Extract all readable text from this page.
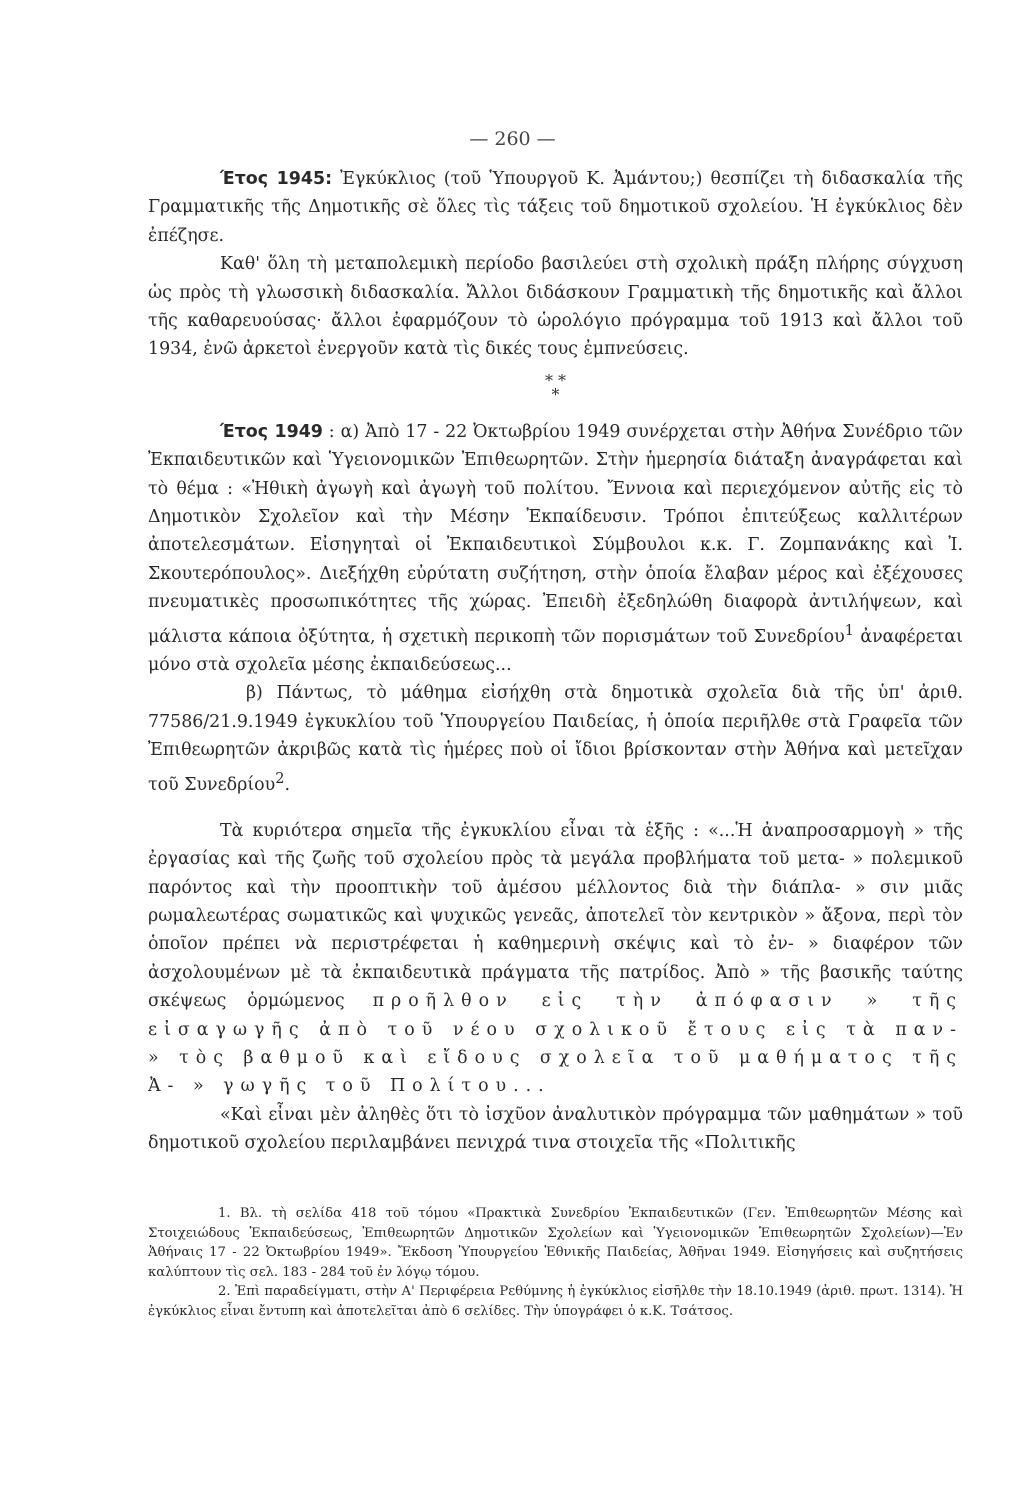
— 260 —

Έτος 1945: Ἐγκύκλιος (τοῦ Ὑπουργοῦ Κ. Ἀμάντου;) θεσπίζει τὴ διδασκαλία τῆς Γραμματικῆς τῆς Δημοτικῆς σὲ ὅλες τὶς τάξεις τοῦ δημοτικοῦ σχολείου. Ἡ ἐγκύκλιος δὲν ἐπέζησε.

Καθ' ὅλη τὴ μεταπολεμικὴ περίοδο βασιλεύει στὴ σχολικὴ πράξη πλήρης σύγχυση ὡς πρὸς τὴ γλωσσικὴ διδασκαλία. Ἄλλοι διδάσκουν Γραμματικὴ τῆς δημοτικῆς καὶ ἄλλοι τῆς καθαρευούσας· ἄλλοι ἐφαρμόζουν τὸ ὡρολόγιο πρόγραμμα τοῦ 1913 καὶ ἄλλοι τοῦ 1934, ἐνῶ ἀρκετοὶ ἐνεργοῦν κατὰ τὶς δικές τους ἐμπνεύσεις.

* *
*

Έτος 1949 : α) Ἀπὸ 17 - 22 Ὀκτωβρίου 1949 συνέρχεται στὴν Ἀθήνα Συνέδριο τῶν Ἐκπαιδευτικῶν καὶ Ὑγειονομικῶν Ἐπιθεωρητῶν. Στὴν ἡμερησία διάταξη ἀναγράφεται καὶ τὸ θέμα : «Ἠθικὴ ἀγωγὴ καὶ ἀγωγὴ τοῦ πολίτου. Ἔννοια καὶ περιεχόμενον αὐτῆς εἰς τὸ Δημοτικὸν Σχολεῖον καὶ τὴν Μέσην Ἐκπαίδευσιν. Τρόποι ἐπιτεύξεως καλλιτέρων ἀποτελεσμάτων. Εἰσηγηταὶ οἱ Ἐκπαιδευτικοὶ Σύμβουλοι κ.κ. Γ. Ζομπανάκης καὶ Ἰ. Σκουτερόπουλος». Διεξήχθη εὐρύτατη συζήτηση, στὴν ὁποία ἔλαβαν μέρος καὶ ἐξέχουσες πνευματικὲς προσωπικότητες τῆς χώρας. Ἐπειδὴ ἐξεδηλώθη διαφορὰ ἀντιλήψεων, καὶ μάλιστα κάποια ὀξύτητα, ἡ σχετικὴ περικοπὴ τῶν πορισμάτων τοῦ Συνεδρίου$^1$ ἀναφέρεται μόνο στὰ σχολεῖα μέσης ἐκπαιδεύσεως...

β) Πάντως, τὸ μάθημα εἰσήχθη στὰ δημοτικὰ σχολεῖα διὰ τῆς ὑπ' ἀριθ. 77586/21.9.1949 ἐγκυκλίου τοῦ Ὑπουργείου Παιδείας, ἡ ὁποία περιῆλθε στὰ Γραφεῖα τῶν Ἐπιθεωρητῶν ἀκριβῶς κατὰ τὶς ἡμέρες ποὺ οἱ ἴδιοι βρίσκονταν στὴν Ἀθήνα καὶ μετεῖχαν τοῦ Συνεδρίου$^2$.

Τὰ κυριότερα σημεῖα τῆς ἐγκυκλίου εἶναι τὰ ἑξῆς : «...Ἡ ἀναπροσαρμογὴ » τῆς ἐργασίας καὶ τῆς ζωῆς τοῦ σχολείου πρὸς τὰ μεγάλα προβλήματα τοῦ μετα- » πολεμικοῦ παρόντος καὶ τὴν προοπτικὴν τοῦ ἀμέσου μέλλοντος διὰ τὴν διάπλα- » σιν μιᾶς ρωμαλεωτέρας σωματικῶς καὶ ψυχικῶς γενεᾶς, ἀποτελεῖ τὸν κεντρικὸν » ἄξονα, περὶ τὸν ὁποῖον πρέπει νὰ περιστρέφεται ἡ καθημερινὴ σκέψις καὶ τὸ ἐν- » διαφέρον τῶν ἀσχολουμένων μὲ τὰ ἐκπαιδευτικὰ πράγματα τῆς πατρίδος. Ἀπὸ » τῆς βασικῆς ταύτης σκέψεως ὁρμώμενος προῆλθον εἰς τὴν ἀπόφασιν » τῆς εἰσαγωγῆς ἀπὸ τοῦ νέου σχολικοῦ ἔτους εἰς τὰ παν- » τὸς βαθμοῦ καὶ εἴδους σχολεῖα τοῦ μαθήματος τῆς Ἀ- » γωγῆς τοῦ Πολίτου...

«Καὶ εἶναι μὲν ἀληθὲς ὅτι τὸ ἰσχῦον ἀναλυτικὸν πρόγραμμα τῶν μαθημάτων » τοῦ δημοτικοῦ σχολείου περιλαμβάνει πενιχρά τινα στοιχεῖα τῆς «Πολιτικῆς

1. Βλ. τὴ σελίδα 418 τοῦ τόμου «Πρακτικὰ Συνεδρίου Ἐκπαιδευτικῶν (Γεν. Ἐπιθεωρητῶν Μέσης καὶ Στοιχειώδους Ἐκπαιδεύσεως, Ἐπιθεωρητῶν Δημοτικῶν Σχολείων καὶ Ὑγειονομικῶν Ἐπιθεωρητῶν Σχολείων)—Ἐν Ἀθήναις 17 - 22 Ὀκτωβρίου 1949». Ἔκδοση Ὑπουργείου Ἐθνικῆς Παιδείας, Ἀθῆναι 1949. Εἰσηγήσεις καὶ συζητήσεις καλύπτουν τὶς σελ. 183 - 284 τοῦ ἐν λόγῳ τόμου.

2. Ἐπὶ παραδείγματι, στὴν Α' Περιφέρεια Ρεθύμνης ἡ ἐγκύκλιος εἰσῆλθε τὴν 18.10.1949 (ἀριθ. πρωτ. 1314). Ἡ ἐγκύκλιος εἶναι ἔντυπη καὶ ἀποτελεῖται ἀπὸ 6 σελίδες. Τὴν ὑπογράφει ὁ κ.Κ. Τσάτσος.
